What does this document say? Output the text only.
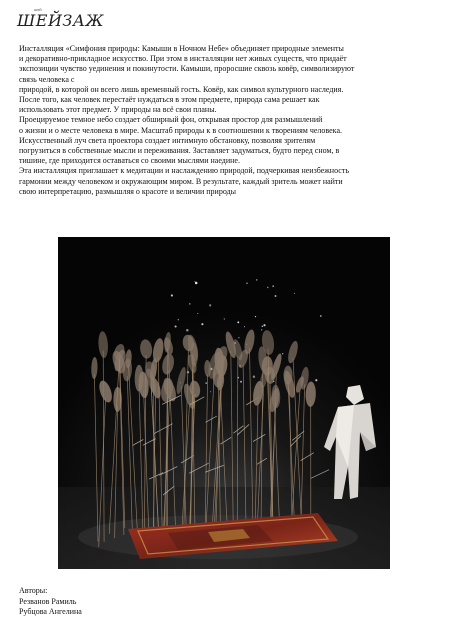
шей
ШЕЙЗАЖ

Инсталляция «Симфония природы: Камыши в Ночном Небе» объединяет природные элементы

и декоративно-прикладное искусство. При этом в инсталляции нет живых существ, что придаёт

экспозиции чувство уединения и покинутости. Камыши, проросшие сквозь ковёр, символизируют

связь человека с

природой, в которой он всего лишь временный гость. Ковёр, как символ культурного наследия.

После того, как человек перестаёт нуждаться в этом предмете, природа сама решает как

использовать этот предмет. У природы на всё свои планы.

Проецируемое темное небо создает обширный фон, открывая простор для размышлений

о жизни и о месте человека в мире. Масштаб природы к в соотношении к творениям человека.

Искусственный луч света проектора создает интимную обстановку, позволяя зрителям

погрузиться в собственные мысли и переживания. Заставляет задуматься, будто перед сном, в

тишине, где приходится оставаться со своими мыслями наедине.

Эта инсталляция приглашает к медитации и наслаждению природой, подчеркивая неизбежность

гармонии между человеком и окружающим миром. В результате, каждый зритель может найти

свою интерпретацию, размышляя о красоте и величии природы

Авторы:
Резванов Рамиль
Рубцова Ангелина
